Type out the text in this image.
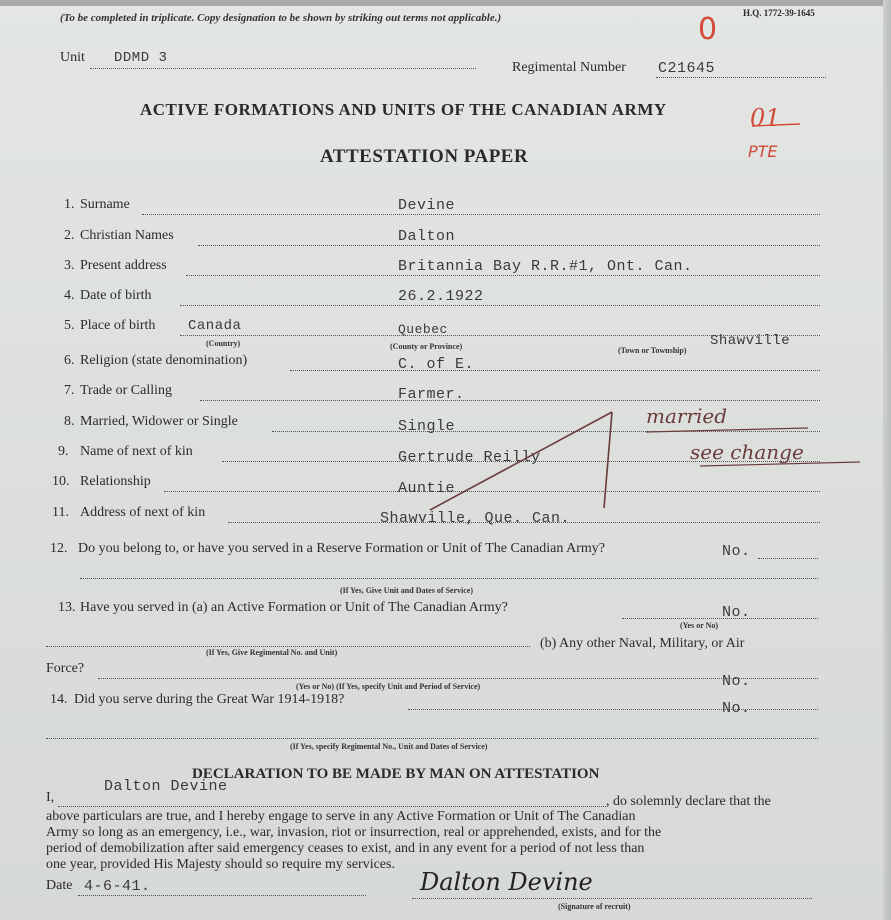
(To be completed in triplicate. Copy designation to be shown by striking out terms not applicable.)	H.Q. 1772-39-1645
0
Unit DDMD 3
Regimental Number C21645
ACTIVE FORMATIONS AND UNITS OF THE CANADIAN ARMY
ATTESTATION PAPER
01
PTE
1. Surname	Devine
2. Christian Names	Dalton
3. Present address	Britannia Bay R.R.#1, Ont. Can.
4. Date of birth	26.2.1922
5. Place of birth Canada	Quebec
Shawville
(Country)	(County or Province)	(Town or Township)
6. Religion (state denomination)	C. of E.
7. Trade or Calling	Farmer.
8. Married, Widower or Single	Single	married
9. Name of next of kin	Gertrude Reilly	see change
10. Relationship	Auntie
11. Address of next of kin	Shawville, Que. Can.
12. Do you belong to, or have you served in a Reserve Formation or Unit of The Canadian Army?	No.
(If Yes, Give Unit and Dates of Service)
13. Have you served in (a) an Active Formation or Unit of The Canadian Army?	No.
(Yes or No)
(b) Any other Naval, Military, or Air
(If Yes, Give Regimental No. and Unit)
Force?
No.
(Yes or No) (If Yes, specify Unit and Period of Service)
14. Did you serve during the Great War 1914-1918?
No.
(If Yes, specify Regimental No., Unit and Dates of Service)
DECLARATION TO BE MADE BY MAN ON ATTESTATION
I,
Dalton Devine
, do solemnly declare that the
above particulars are true, and I hereby engage to serve in any Active Formation or Unit of The Canadian
Army so long as an emergency, i.e., war, invasion, riot or insurrection, real or apprehended, exists, and for the
period of demobilization after said emergency ceases to exist, and in any event for a period of not less than
one year, provided His Majesty should so require my services.
Date 4-6-41.	Dalton Devine
(Signature of recruit)
